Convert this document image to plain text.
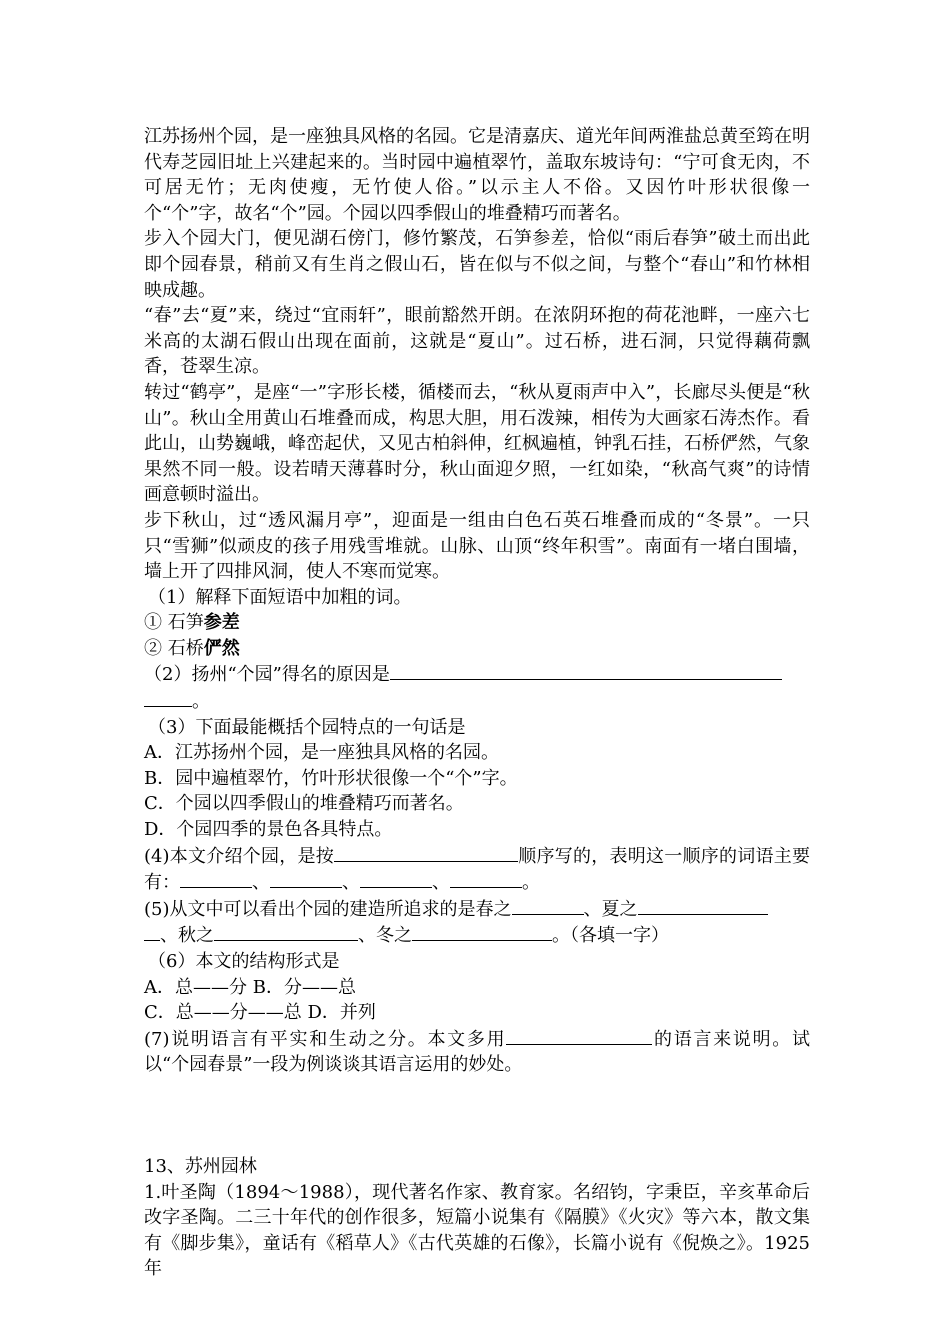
江苏扬州个园，是一座独具风格的名园。它是清嘉庆、道光年间两淮盐总黄至筠在明代寿芝园旧址上兴建起来的。当时园中遍植翠竹，盖取东坡诗句：“宁可食无肉，不可居无竹；无肉使瘦，无竹使人俗。”以示主人不俗。又因竹叶形状很像一个“个”字，故名“个”园。个园以四季假山的堆叠精巧而著名。

步入个园大门，便见湖石傍门，修竹繁茂，石笋参差，恰似“雨后春笋”破土而出此即个园春景，稍前又有生肖之假山石，皆在似与不似之间，与整个“春山”和竹林相映成趣。

“春”去“夏”来，绕过“宜雨轩”，眼前豁然开朗。在浓阴环抱的荷花池畔，一座六七米高的太湖石假山出现在面前，这就是“夏山”。过石桥，进石洞，只觉得藕荷飘香，苍翠生凉。

转过“鹤亭”，是座“一”字形长楼，循楼而去，“秋从夏雨声中入”，长廊尽头便是“秋山”。秋山全用黄山石堆叠而成，构思大胆，用石泼辣，相传为大画家石涛杰作。看此山，山势巍峨，峰峦起伏，又见古柏斜伸，红枫遍植，钟乳石挂，石桥俨然，气象果然不同一般。设若晴天薄暮时分，秋山面迎夕照，一红如染，“秋高气爽”的诗情画意顿时溢出。

步下秋山，过“透风漏月亭”，迎面是一组由白色石英石堆叠而成的“冬景”。一只只“雪狮”似顽皮的孩子用残雪堆就。山脉、山顶“终年积雪”。南面有一堵白围墙，墙上开了四排风洞，使人不寒而觉寒。

（1）解释下面短语中加粗的词。

① 石笋参差

② 石桥俨然

（2）扬州“个园”得名的原因是
。

（3）下面最能概括个园特点的一句话是

A．江苏扬州个园，是一座独具风格的名园。

B．园中遍植翠竹，竹叶形状很像一个“个”字。

C．个园以四季假山的堆叠精巧而著名。

D．个园四季的景色各具特点。

(4)本文介绍个园，是按	顺序写的，表明这一顺序的词语主要有：	、	、	、	。

(5)从文中可以看出个园的建造所追求的是春之	、夏之
、秋之	、冬之	。（各填一字）

（6）本文的结构形式是

A．总——分 B．分——总

C．总——分——总 D．并列

(7)说明语言有平实和生动之分。本文多用	的语言来说明。试以“个园春景”一段为例谈谈其语言运用的妙处。

13、苏州园林

1.叶圣陶（1894～1988），现代著名作家、教育家。名绍钧，字秉臣，辛亥革命后改字圣陶。二三十年代的创作很多，短篇小说集有《隔膜》《火灾》等六本，散文集有《脚步集》，童话有《稻草人》《古代英雄的石像》，长篇小说有《倪焕之》。1925年
